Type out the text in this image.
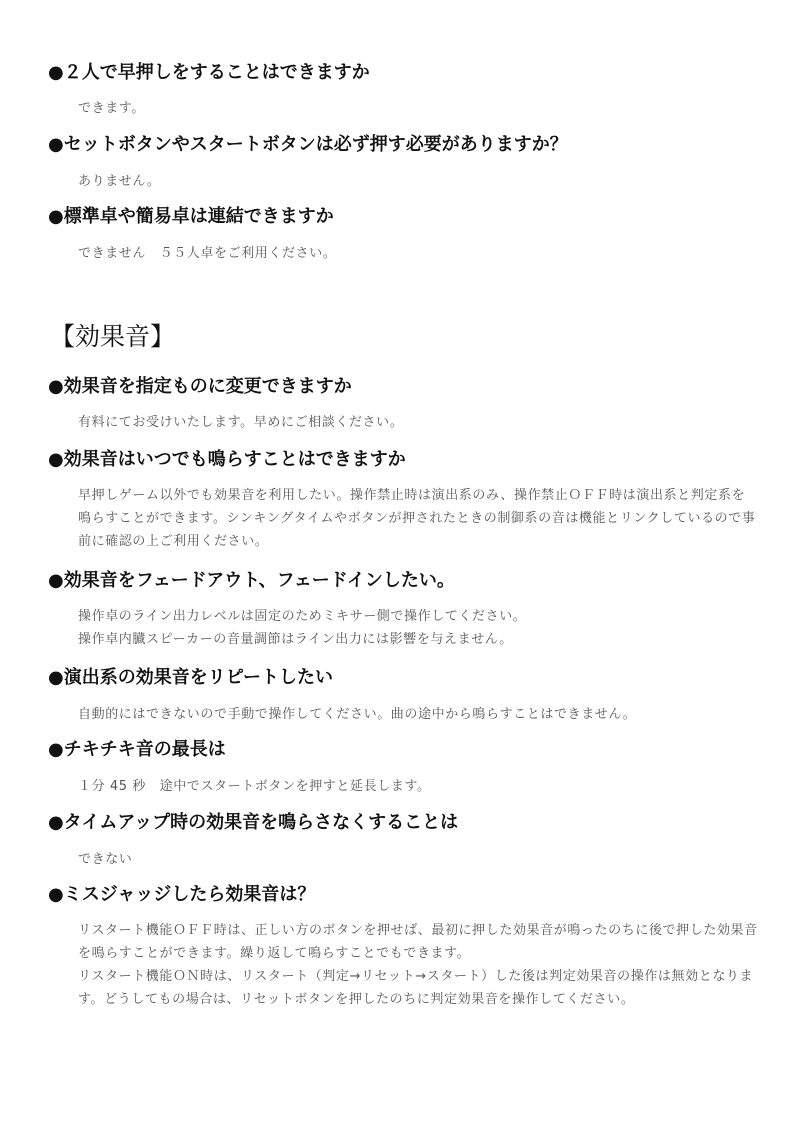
●２人で早押しをすることはできますか

できます。

●セットボタンやスタートボタンは必ず押す必要がありますか？

ありません。

●標準卓や簡易卓は連結できますか

できません　５５人卓をご利用ください。

【効果音】
●効果音を指定ものに変更できますか

有料にてお受けいたします。早めにご相談ください。

●効果音はいつでも鳴らすことはできますか

早押しゲーム以外でも効果音を利用したい。操作禁止時は演出系のみ、操作禁止ＯＦＦ時は演出系と判定系を鳴らすことができます。シンキングタイムやボタンが押されたときの制御系の音は機能とリンクしているので事前に確認の上ご利用ください。

●効果音をフェードアウト、フェードインしたい。

操作卓のライン出力レベルは固定のためミキサー側で操作してください。

操作卓内臓スピーカーの音量調節はライン出力には影響を与えません。

●演出系の効果音をリピートしたい

自動的にはできないので手動で操作してください。曲の途中から鳴らすことはできません。

●チキチキ音の最長は

１分 45 秒　途中でスタートボタンを押すと延長します。

●タイムアップ時の効果音を鳴らさなくすることは

できない

●ミスジャッジしたら効果音は？

リスタート機能ＯＦＦ時は、正しい方のボタンを押せば、最初に押した効果音が鳴ったのちに後で押した効果音を鳴らすことができます。繰り返して鳴らすことでもできます。

リスタート機能ＯＮ時は、リスタート（判定→リセット→スタート）した後は判定効果音の操作は無効となります。どうしてもの場合は、リセットボタンを押したのちに判定効果音を操作してください。
